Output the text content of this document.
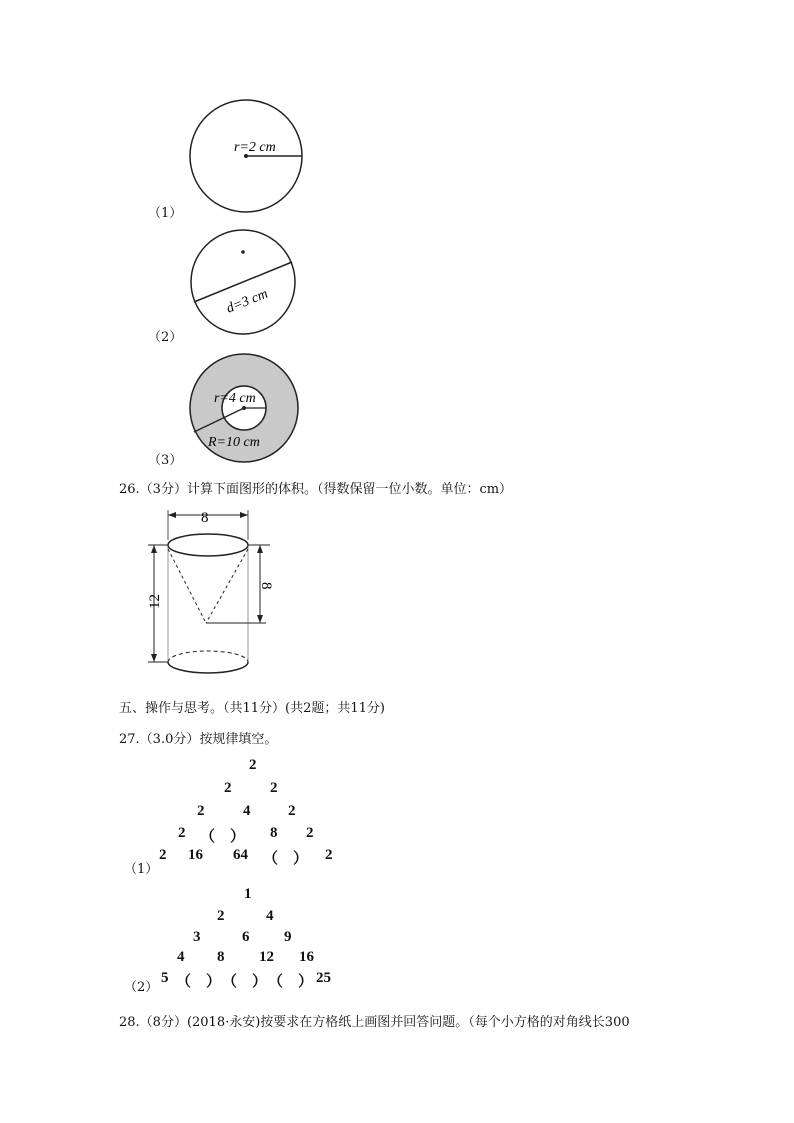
r=2 cm
（1）
d=3 cm
（2）
r=4 cm
R=10 cm
（3）
26.（3分）计算下面图形的体积。（得数保留一位小数。单位：cm）
8
8
12
五、操作与思考。（共11分）(共2题；共11分)
27.（3.0分）按规律填空。
2
2	2
2	4	2
2 （　） 8 2
2 16 64 （　） 2
（1）
1
2	4
3	6 9
4 8 12 16
5 （　） （　） （　） 25
（2）
28.（8分）(2018·永安)按要求在方格纸上画图并回答问题。（每个小方格的对角线长300
